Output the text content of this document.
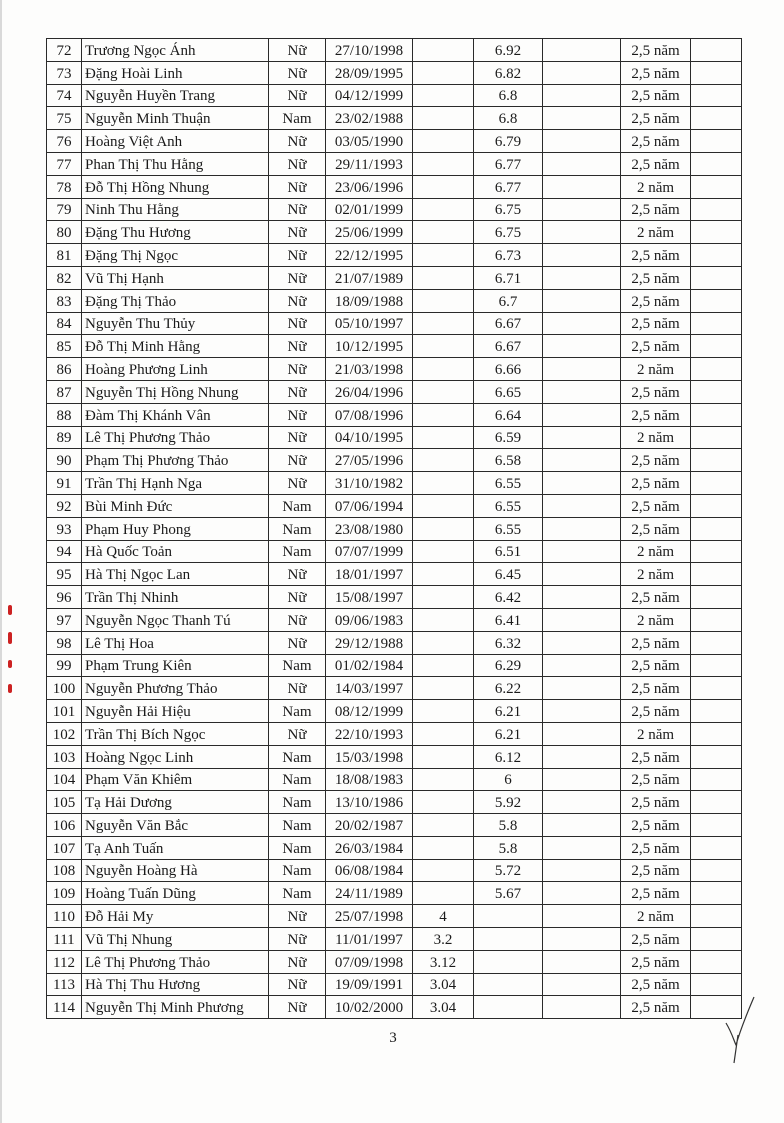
72	Trương Ngọc Ánh	Nữ	27/10/1998		6.92		2,5 năm	
73	Đặng Hoài Linh	Nữ	28/09/1995		6.82		2,5 năm	
74	Nguyễn Huyền Trang	Nữ	04/12/1999		6.8		2,5 năm	
75	Nguyễn Minh Thuận	Nam	23/02/1988		6.8		2,5 năm	
76	Hoàng Việt Anh	Nữ	03/05/1990		6.79		2,5 năm	
77	Phan Thị Thu Hằng	Nữ	29/11/1993		6.77		2,5 năm	
78	Đỗ Thị Hồng Nhung	Nữ	23/06/1996		6.77		2 năm	
79	Ninh Thu Hằng	Nữ	02/01/1999		6.75		2,5 năm	
80	Đặng Thu Hương	Nữ	25/06/1999		6.75		2 năm	
81	Đặng Thị Ngọc	Nữ	22/12/1995		6.73		2,5 năm	
82	Vũ Thị Hạnh	Nữ	21/07/1989		6.71		2,5 năm	
83	Đặng Thị Thảo	Nữ	18/09/1988		6.7		2,5 năm	
84	Nguyễn Thu Thủy	Nữ	05/10/1997		6.67		2,5 năm	
85	Đỗ Thị Minh Hằng	Nữ	10/12/1995		6.67		2,5 năm	
86	Hoàng Phương Linh	Nữ	21/03/1998		6.66		2 năm	
87	Nguyễn Thị Hồng Nhung	Nữ	26/04/1996		6.65		2,5 năm	
88	Đàm Thị Khánh Vân	Nữ	07/08/1996		6.64		2,5 năm	
89	Lê Thị Phương Thảo	Nữ	04/10/1995		6.59		2 năm	
90	Phạm Thị Phương Thảo	Nữ	27/05/1996		6.58		2,5 năm	
91	Trần Thị Hạnh Nga	Nữ	31/10/1982		6.55		2,5 năm	
92	Bùi Minh Đức	Nam	07/06/1994		6.55		2,5 năm	
93	Phạm Huy Phong	Nam	23/08/1980		6.55		2,5 năm	
94	Hà Quốc Toản	Nam	07/07/1999		6.51		2 năm	
95	Hà Thị Ngọc Lan	Nữ	18/01/1997		6.45		2 năm	
96	Trần Thị Nhinh	Nữ	15/08/1997		6.42		2,5 năm	
97	Nguyễn Ngọc Thanh Tú	Nữ	09/06/1983		6.41		2 năm	
98	Lê Thị Hoa	Nữ	29/12/1988		6.32		2,5 năm	
99	Phạm Trung Kiên	Nam	01/02/1984		6.29		2,5 năm	
100	Nguyễn Phương Thảo	Nữ	14/03/1997		6.22		2,5 năm	
101	Nguyễn Hải Hiệu	Nam	08/12/1999		6.21		2,5 năm	
102	Trần Thị Bích Ngọc	Nữ	22/10/1993		6.21		2 năm	
103	Hoàng Ngọc Linh	Nam	15/03/1998		6.12		2,5 năm	
104	Phạm Văn Khiêm	Nam	18/08/1983		6		2,5 năm	
105	Tạ Hải Dương	Nam	13/10/1986		5.92		2,5 năm	
106	Nguyễn Văn Bắc	Nam	20/02/1987		5.8		2,5 năm	
107	Tạ Anh Tuấn	Nam	26/03/1984		5.8		2,5 năm	
108	Nguyễn Hoàng Hà	Nam	06/08/1984		5.72		2,5 năm	
109	Hoàng Tuấn Dũng	Nam	24/11/1989		5.67		2,5 năm	
110	Đỗ Hải My	Nữ	25/07/1998	4			2 năm	
111	Vũ Thị Nhung	Nữ	11/01/1997	3.2			2,5 năm	
112	Lê Thị Phương Thảo	Nữ	07/09/1998	3.12			2,5 năm	
113	Hà Thị Thu Hương	Nữ	19/09/1991	3.04			2,5 năm	
114	Nguyễn Thị Minh Phương	Nữ	10/02/2000	3.04			2,5 năm	
3
